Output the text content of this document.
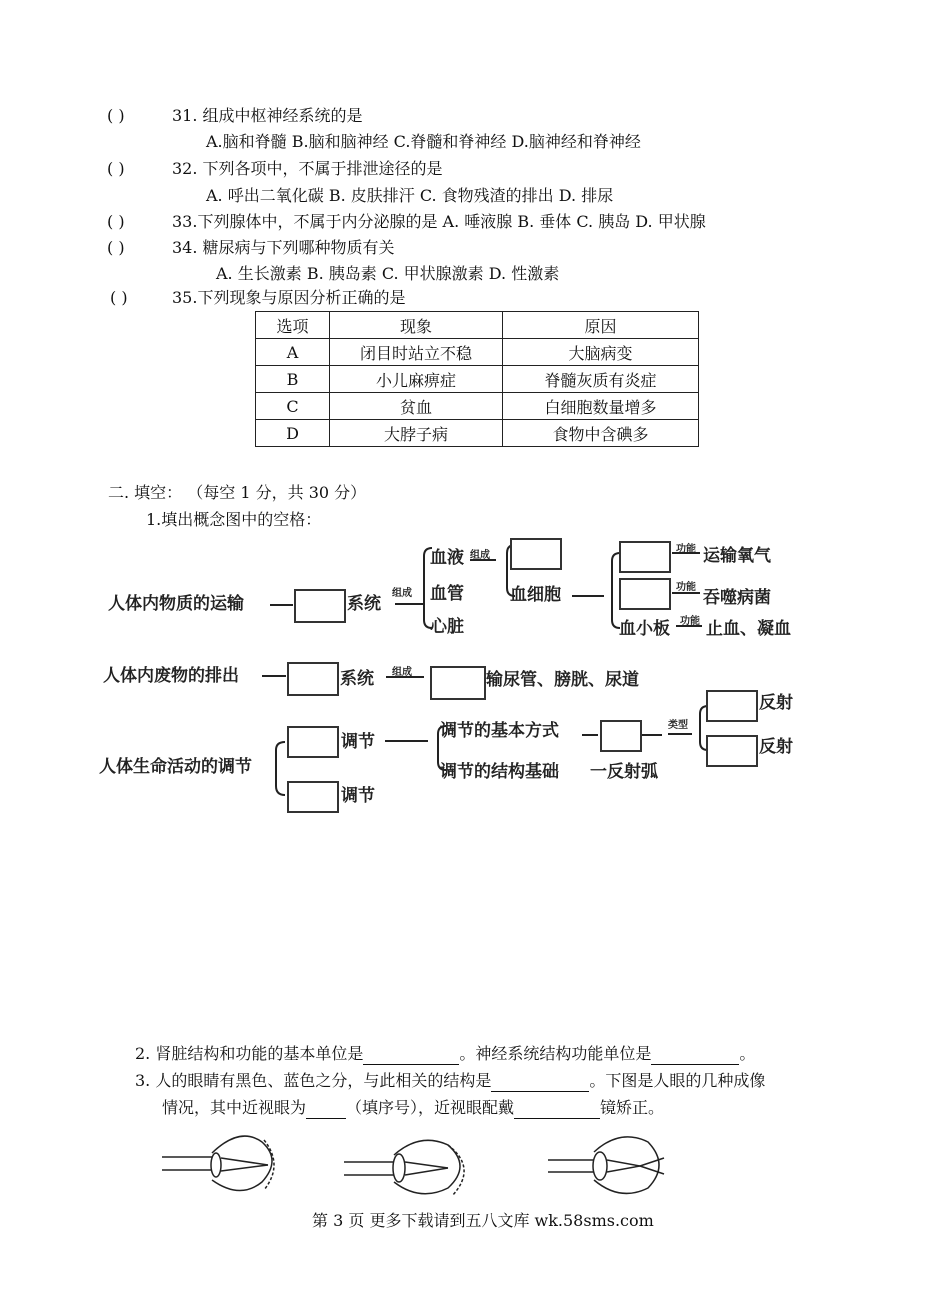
( )	31. 组成中枢神经系统的是
A.脑和脊髓 B.脑和脑神经 C.脊髓和脊神经 D.脑神经和脊神经
( )	32. 下列各项中，不属于排泄途径的是
A. 呼出二氧化碳 B. 皮肤排汗 C. 食物残渣的排出 D. 排尿
( )	33.下列腺体中，不属于内分泌腺的是 A. 唾液腺 B. 垂体 C. 胰岛 D. 甲状腺
( )	34. 糖尿病与下列哪种物质有关
A. 生长激素 B. 胰岛素 C. 甲状腺激素 D. 性激素
( )	35.下列现象与原因分析正确的是
选项	现象	原因
A	闭目时站立不稳	大脑病变
B	小儿麻痹症	脊髓灰质有炎症
C	贫血	白细胞数量增多
D	大脖子病	食物中含碘多
二. 填空： （每空 1 分，共 30 分）
1.填出概念图中的空格：
人体内物质的运输	系统
组成
血液 组成
血管
心脏
血细胞
血小板
功能 运输氧气
功能
吞噬病菌
功能 止血、凝血
人体内废物的排出	系统 组成	输尿管、膀胱、尿道
人体生命活动的调节
调节
调节
调节的基本方式
调节的结构基础 一反射弧
类型
反射
反射
2. 肾脏结构和功能的基本单位是	。神经系统结构功能单位是	。
3. 人的眼睛有黑色、蓝色之分，与此相关的结构是	。下图是人眼的几种成像
情况，其中近视眼为	（填序号），近视眼配戴	镜矫正。
第 3 页 更多下载请到五八文库 wk.58sms.com
